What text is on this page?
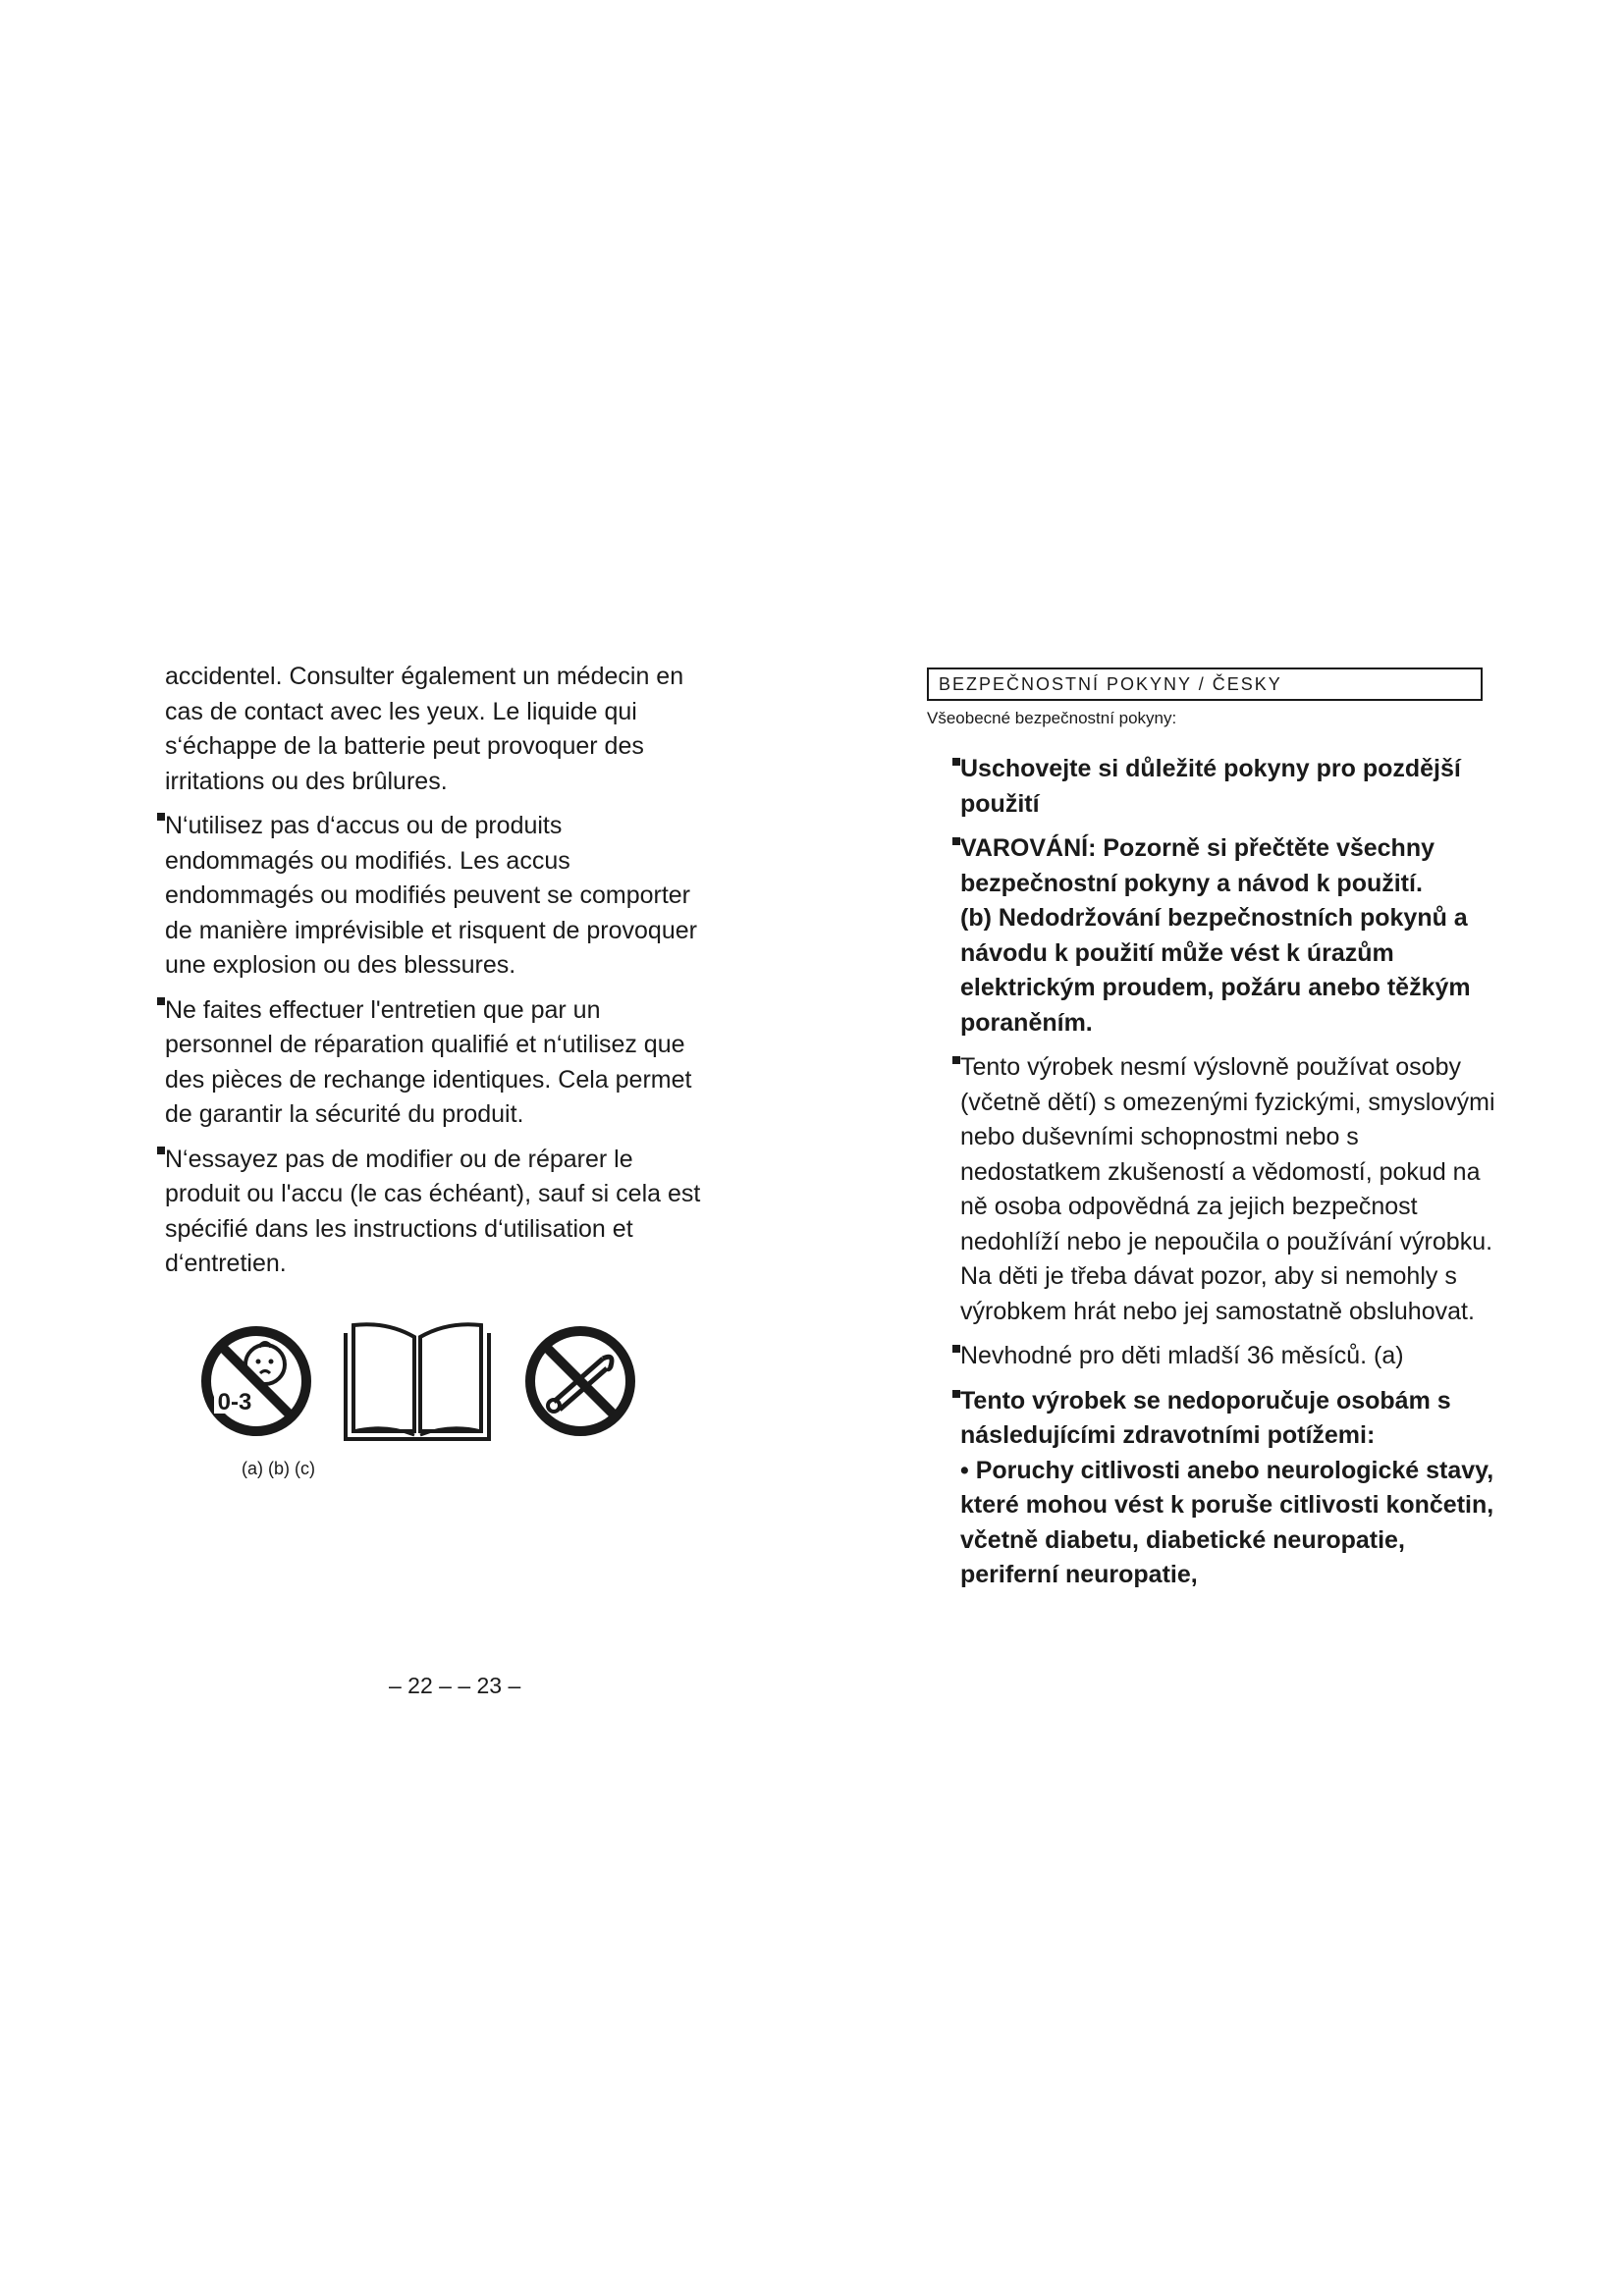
accidentel. Consulter également un médecin en cas de contact avec les yeux. Le liquide qui s‘échappe de la batterie peut provoquer des irritations ou des brûlures.

N‘utilisez pas d‘accus ou de produits endommagés ou modifiés. Les accus endommagés ou modifiés peuvent se comporter de manière imprévisible et risquent de provoquer une explosion ou des blessures.

Ne faites effectuer l'entretien que par un personnel de réparation qualifié et n‘utilisez que des pièces de rechange identiques. Cela permet de garantir la sécurité du produit.

N‘essayez pas de modifier ou de réparer le produit ou l'accu (le cas échéant), sauf si cela est spécifié dans les instructions d‘utilisation et d‘entretien.

0-3
(a) (b) (c)
BEZPEČNOSTNÍ POKYNY / ČESKY

Všeobecné bezpečnostní pokyny:

Uschovejte si důležité pokyny pro pozdější použití

VAROVÁNÍ: Pozorně si přečtěte všechny bezpečnostní pokyny a návod k použití.

(b) Nedodržování bezpečnostních pokynů a návodu k použití může vést k úrazům elektrickým proudem, požáru anebo těžkým poraněním.

Tento výrobek nesmí výslovně používat osoby (včetně dětí) s omezenými fyzickými, smyslovými nebo duševními schopnostmi nebo s nedostatkem zkušeností a vědomostí, pokud na ně osoba odpovědná za jejich bezpečnost nedohlíží nebo je nepoučila o používání výrobku. Na děti je třeba dávat pozor, aby si nemohly s výrobkem hrát nebo jej samostatně obsluhovat.

Nevhodné pro děti mladší 36 měsíců. (a)

Tento výrobek se nedoporučuje osobám s následujícími zdravotními potížemi:

• Poruchy citlivosti anebo neurologické stavy, které mohou vést k poruše citlivosti končetin, včetně diabetu, diabetické neuropatie, periferní neuropatie,

– 22 – – 23 –
